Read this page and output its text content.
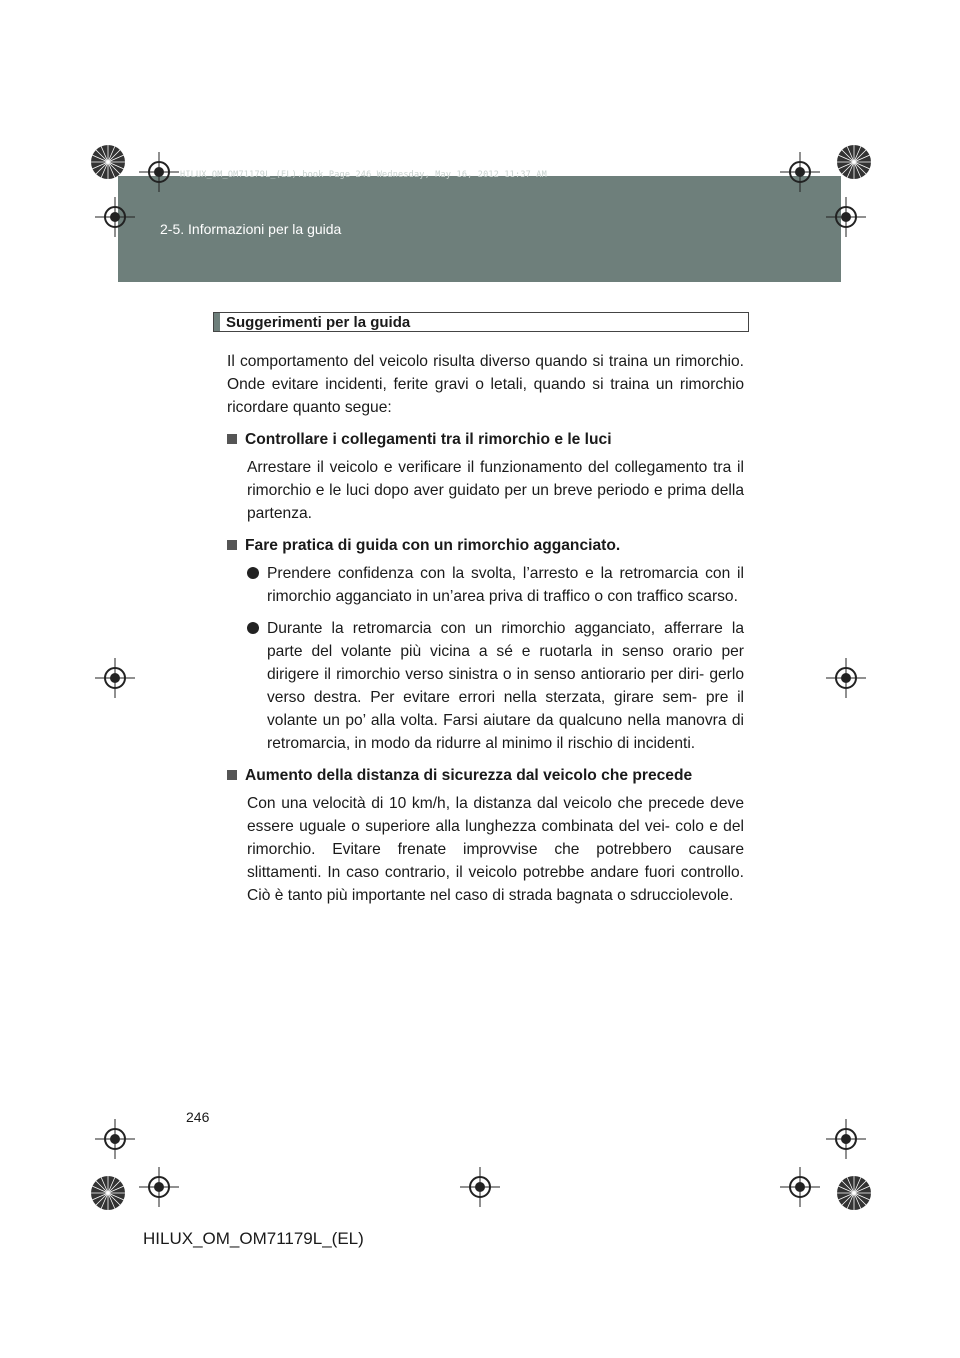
HILUX_OM_OM71179L_(EL).book Page 246 Wednesday, May 16, 2012 11:37 AM
2-5. Informazioni per la guida
Suggerimenti per la guida

Il comportamento del veicolo risulta diverso quando si traina un rimorchio. Onde evitare incidenti, ferite gravi o letali, quando si traina un rimorchio ricordare quanto segue:

Controllare i collegamenti tra il rimorchio e le luci

Arrestare il veicolo e verificare il funzionamento del collegamento tra il rimorchio e le luci dopo aver guidato per un breve periodo e prima della partenza.

Fare pratica di guida con un rimorchio agganciato.

Prendere confidenza con la svolta, l’arresto e la retromarcia con il rimorchio agganciato in un’area priva di traffico o con traffico scarso.

Durante la retromarcia con un rimorchio agganciato, afferrare la parte del volante più vicina a sé e ruotarla in senso orario per dirigere il rimorchio verso sinistra o in senso antiorario per diri- gerlo verso destra. Per evitare errori nella sterzata, girare sem- pre il volante un po’ alla volta. Farsi aiutare da qualcuno nella manovra di retromarcia, in modo da ridurre al minimo il rischio di incidenti.

Aumento della distanza di sicurezza dal veicolo che precede

Con una velocità di 10 km/h, la distanza dal veicolo che precede deve essere uguale o superiore alla lunghezza combinata del vei- colo e del rimorchio. Evitare frenate improvvise che potrebbero causare slittamenti. In caso contrario, il veicolo potrebbe andare fuori controllo. Ciò è tanto più importante nel caso di strada bagnata o sdrucciolevole.

246
HILUX_OM_OM71179L_(EL)
